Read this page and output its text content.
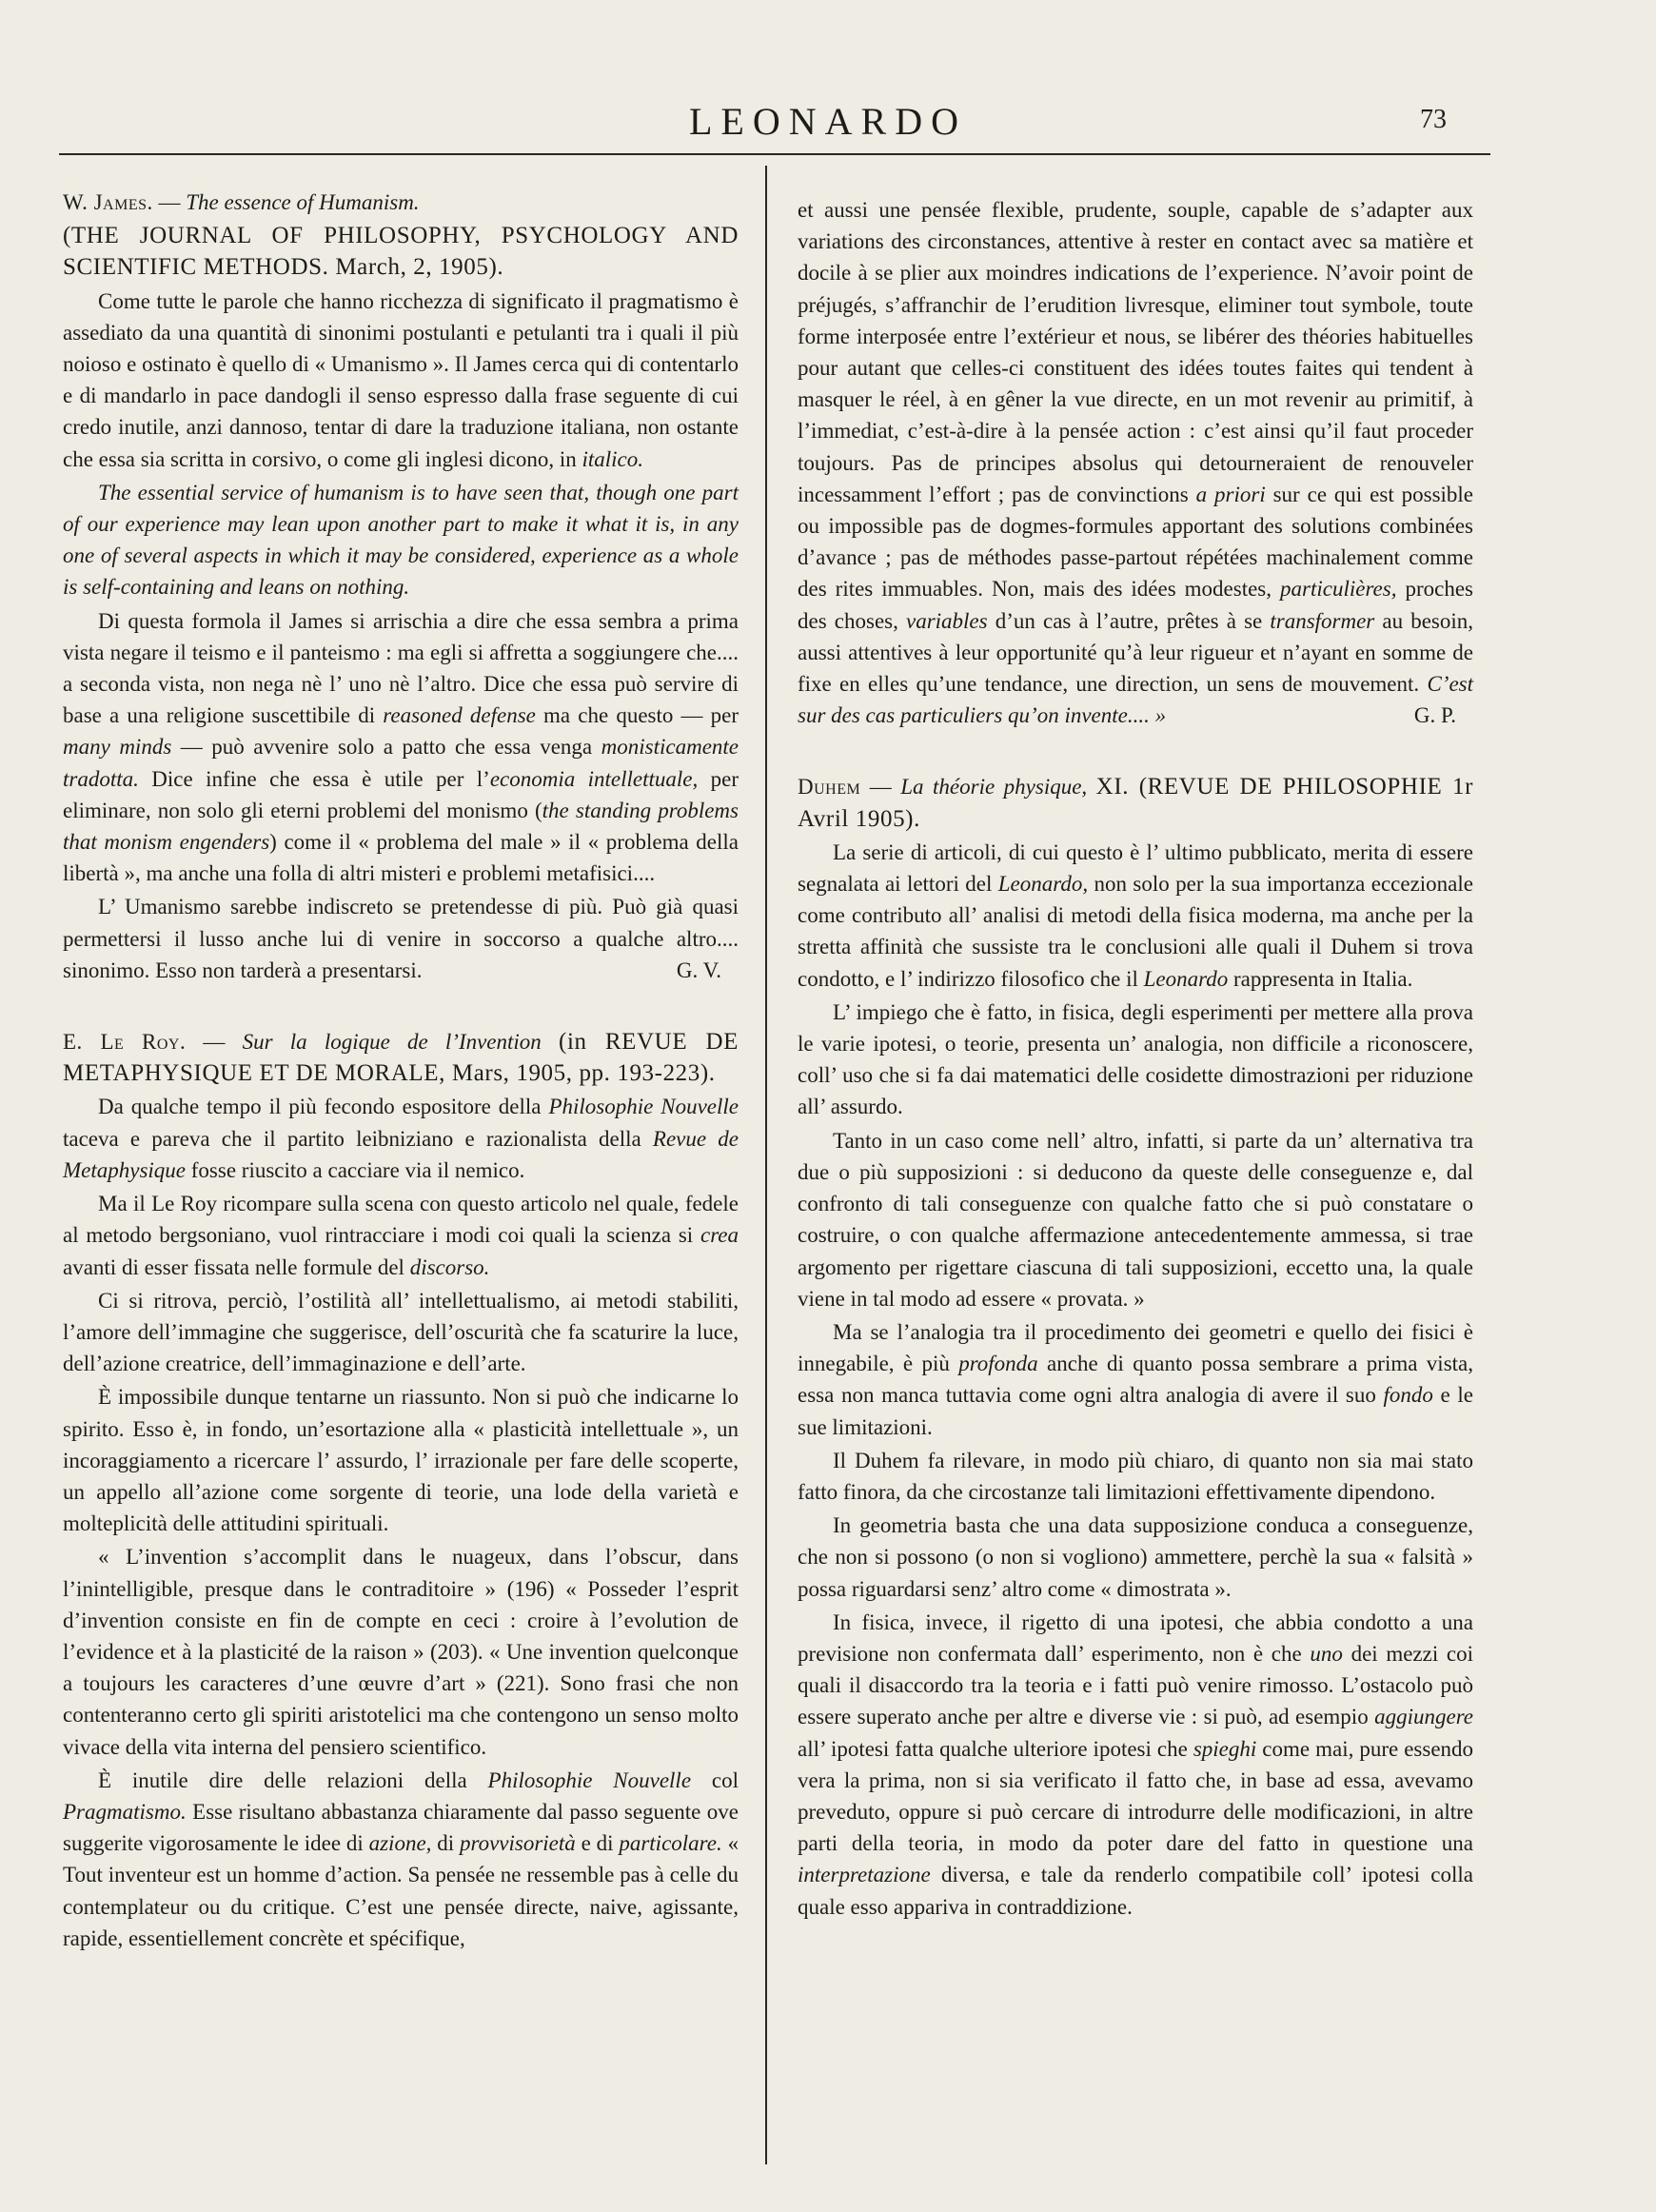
LEONARDO	73

W. James. — The essence of Humanism.

(THE JOURNAL OF PHILOSOPHY, PSYCHOLOGY AND SCIENTIFIC METHODS. March, 2, 1905).

Come tutte le parole che hanno ricchezza di significato il pragmatismo è assediato da una quantità di sinonimi postulanti e petulanti tra i quali il più noioso e ostinato è quello di « Umanismo ». Il James cerca qui di contentarlo e di mandarlo in pace dandogli il senso espresso dalla frase seguente di cui credo inutile, anzi dannoso, tentar di dare la traduzione italiana, non ostante che essa sia scritta in corsivo, o come gli inglesi dicono, in italico.

The essential service of humanism is to have seen that, though one part of our experience may lean upon another part to make it what it is, in any one of several aspects in which it may be considered, experience as a whole is self-containing and leans on nothing.

Di questa formola il James si arrischia a dire che essa sembra a prima vista negare il teismo e il panteismo : ma egli si affretta a soggiungere che.... a seconda vista, non nega nè l’ uno nè l’altro. Dice che essa può servire di base a una religione suscettibile di reasoned defense ma che questo — per many minds — può avvenire solo a patto che essa venga monisticamente tradotta. Dice infine che essa è utile per l’economia intellettuale, per eliminare, non solo gli eterni problemi del monismo (the standing problems that monism engenders) come il « problema del male » il « problema della libertà », ma anche una folla di altri misteri e problemi metafisici....

L’ Umanismo sarebbe indiscreto se pretendesse di più. Può già quasi permettersi il lusso anche lui di venire in soccorso a qualche altro.... sinonimo. Esso non tarderà a presentarsi.	G. V.

E. Le Roy. — Sur la logique de l’Invention (in REVUE DE METAPHYSIQUE ET DE MORALE, Mars, 1905, pp. 193-223).

Da qualche tempo il più fecondo espositore della Philosophie Nouvelle taceva e pareva che il partito leibniziano e razionalista della Revue de Metaphysique fosse riuscito a cacciare via il nemico.

Ma il Le Roy ricompare sulla scena con questo articolo nel quale, fedele al metodo bergsoniano, vuol rintracciare i modi coi quali la scienza si crea avanti di esser fissata nelle formule del discorso.

Ci si ritrova, perciò, l’ostilità all’ intellettualismo, ai metodi stabiliti, l’amore dell’immagine che suggerisce, dell’oscurità che fa scaturire la luce, dell’azione creatrice, dell’immaginazione e dell’arte.

È impossibile dunque tentarne un riassunto. Non si può che indicarne lo spirito. Esso è, in fondo, un’esortazione alla « plasticità intellettuale », un incoraggiamento a ricercare l’ assurdo, l’ irrazionale per fare delle scoperte, un appello all’azione come sorgente di teorie, una lode della varietà e molteplicità delle attitudini spirituali.

« L’invention s’accomplit dans le nuageux, dans l’obscur, dans l’inintelligible, presque dans le contraditoire » (196) « Posseder l’esprit d’invention consiste en fin de compte en ceci : croire à l’evolution de l’evidence et à la plasticité de la raison » (203). « Une invention quelconque a toujours les caracteres d’une œuvre d’art » (221). Sono frasi che non contenteranno certo gli spiriti aristotelici ma che contengono un senso molto vivace della vita interna del pensiero scientifico.

È inutile dire delle relazioni della Philosophie Nouvelle col Pragmatismo. Esse risultano abbastanza chiaramente dal passo seguente ove suggerite vigorosamente le idee di azione, di provvisorietà e di particolare. « Tout inventeur est un homme d’action. Sa pensée ne ressemble pas à celle du contemplateur ou du critique. C’est une pensée directe, naive, agissante, rapide, essentiellement concrète et spécifique,

et aussi une pensée flexible, prudente, souple, capable de s’adapter aux variations des circonstances, attentive à rester en contact avec sa matière et docile à se plier aux moindres indications de l’experience. N’avoir point de préjugés, s’affranchir de l’erudition livresque, eliminer tout symbole, toute forme interposée entre l’extérieur et nous, se libérer des théories habituelles pour autant que celles-ci constituent des idées toutes faites qui tendent à masquer le réel, à en gêner la vue directe, en un mot revenir au primitif, à l’immediat, c’est-à-dire à la pensée action : c’est ainsi qu’il faut proceder toujours. Pas de principes absolus qui detourneraient de renouveler incessamment l’effort ; pas de convinctions a priori sur ce qui est possible ou impossible pas de dogmes-formules apportant des solutions combinées d’avance ; pas de méthodes passe-partout répétées machinalement comme des rites immuables. Non, mais des idées modestes, particulières, proches des choses, variables d’un cas à l’autre, prêtes à se transformer au besoin, aussi attentives à leur opportunité qu’à leur rigueur et n’ayant en somme de fixe en elles qu’une tendance, une direction, un sens de mouvement. C’est sur des cas particuliers qu’on invente.... »	G. P.

Duhem — La théorie physique, XI. (REVUE DE PHILOSOPHIE 1r Avril 1905).

La serie di articoli, di cui questo è l’ ultimo pubblicato, merita di essere segnalata ai lettori del Leonardo, non solo per la sua importanza eccezionale come contributo all’ analisi di metodi della fisica moderna, ma anche per la stretta affinità che sussiste tra le conclusioni alle quali il Duhem si trova condotto, e l’ indirizzo filosofico che il Leonardo rappresenta in Italia.

L’ impiego che è fatto, in fisica, degli esperimenti per mettere alla prova le varie ipotesi, o teorie, presenta un’ analogia, non difficile a riconoscere, coll’ uso che si fa dai matematici delle cosidette dimostrazioni per riduzione all’ assurdo.

Tanto in un caso come nell’ altro, infatti, si parte da un’ alternativa tra due o più supposizioni : si deducono da queste delle conseguenze e, dal confronto di tali conseguenze con qualche fatto che si può constatare o costruire, o con qualche affermazione antecedentemente ammessa, si trae argomento per rigettare ciascuna di tali supposizioni, eccetto una, la quale viene in tal modo ad essere « provata. »

Ma se l’analogia tra il procedimento dei geometri e quello dei fisici è innegabile, è più profonda anche di quanto possa sembrare a prima vista, essa non manca tuttavia come ogni altra analogia di avere il suo fondo e le sue limitazioni.

Il Duhem fa rilevare, in modo più chiaro, di quanto non sia mai stato fatto finora, da che circostanze tali limitazioni effettivamente dipendono.

In geometria basta che una data supposizione conduca a conseguenze, che non si possono (o non si vogliono) ammettere, perchè la sua « falsità » possa riguardarsi senz’ altro come « dimostrata ».

In fisica, invece, il rigetto di una ipotesi, che abbia condotto a una previsione non confermata dall’ esperimento, non è che uno dei mezzi coi quali il disaccordo tra la teoria e i fatti può venire rimosso. L’ostacolo può essere superato anche per altre e diverse vie : si può, ad esempio aggiungere all’ ipotesi fatta qualche ulteriore ipotesi che spieghi come mai, pure essendo vera la prima, non si sia verificato il fatto che, in base ad essa, avevamo preveduto, oppure si può cercare di introdurre delle modificazioni, in altre parti della teoria, in modo da poter dare del fatto in questione una interpretazione diversa, e tale da renderlo compatibile coll’ ipotesi colla quale esso appariva in contraddizione.
